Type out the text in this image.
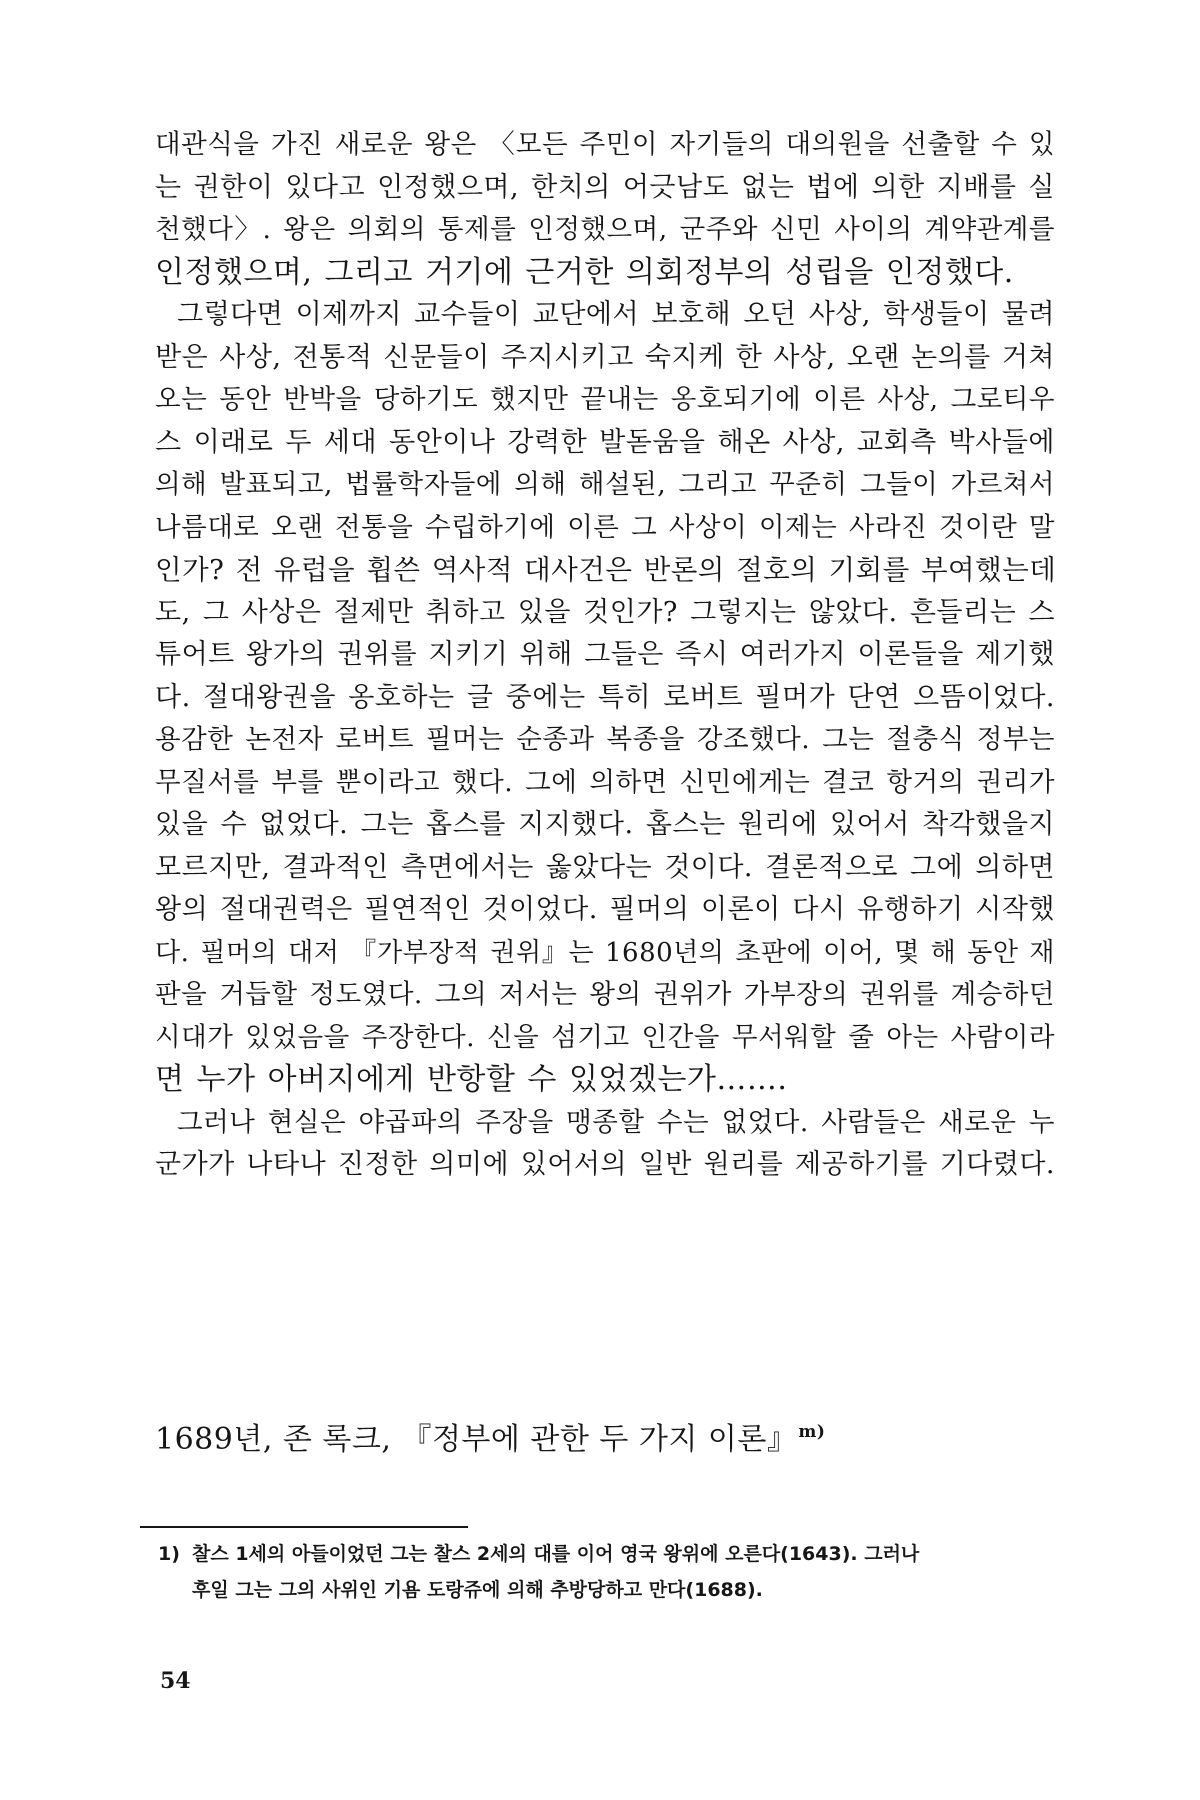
대관식을 가진 새로운 왕은 〈모든 주민이 자기들의 대의원을 선출할 수 있
는 권한이 있다고 인정했으며, 한치의 어긋남도 없는 법에 의한 지배를 실
천했다〉. 왕은 의회의 통제를 인정했으며, 군주와 신민 사이의 계약관계를
인정했으며, 그리고 거기에 근거한 의회정부의 성립을 인정했다.
그렇다면 이제까지 교수들이 교단에서 보호해 오던 사상, 학생들이 물려
받은 사상, 전통적 신문들이 주지시키고 숙지케 한 사상, 오랜 논의를 거쳐
오는 동안 반박을 당하기도 했지만 끝내는 옹호되기에 이른 사상, 그로티우
스 이래로 두 세대 동안이나 강력한 발돋움을 해온 사상, 교회측 박사들에
의해 발표되고, 법률학자들에 의해 해설된, 그리고 꾸준히 그들이 가르쳐서
나름대로 오랜 전통을 수립하기에 이른 그 사상이 이제는 사라진 것이란 말
인가? 전 유럽을 휩쓴 역사적 대사건은 반론의 절호의 기회를 부여했는데
도, 그 사상은 절제만 취하고 있을 것인가? 그렇지는 않았다. 흔들리는 스
튜어트 왕가의 권위를 지키기 위해 그들은 즉시 여러가지 이론들을 제기했
다. 절대왕권을 옹호하는 글 중에는 특히 로버트 필머가 단연 으뜸이었다.
용감한 논전자 로버트 필머는 순종과 복종을 강조했다. 그는 절충식 정부는
무질서를 부를 뿐이라고 했다. 그에 의하면 신민에게는 결코 항거의 권리가
있을 수 없었다. 그는 홉스를 지지했다. 홉스는 원리에 있어서 착각했을지
모르지만, 결과적인 측면에서는 옳았다는 것이다. 결론적으로 그에 의하면
왕의 절대권력은 필연적인 것이었다. 필머의 이론이 다시 유행하기 시작했
다. 필머의 대저 『가부장적 권위』는 1680년의 초판에 이어, 몇 해 동안 재
판을 거듭할 정도였다. 그의 저서는 왕의 권위가 가부장의 권위를 계승하던
시대가 있었음을 주장한다. 신을 섬기고 인간을 무서워할 줄 아는 사람이라
면 누가 아버지에게 반항할 수 있었겠는가…….
그러나 현실은 야곱파의 주장을 맹종할 수는 없었다. 사람들은 새로운 누
군가가 나타나 진정한 의미에 있어서의 일반 원리를 제공하기를 기다렸다.
1689년, 존 록크, 『정부에 관한 두 가지 이론』$^{m)}$
1) 찰스 1세의 아들이었던 그는 찰스 2세의 대를 이어 영국 왕위에 오른다(1643). 그러나
후일 그는 그의 사위인 기욤 도랑쥬에 의해 추방당하고 만다(1688).
54
